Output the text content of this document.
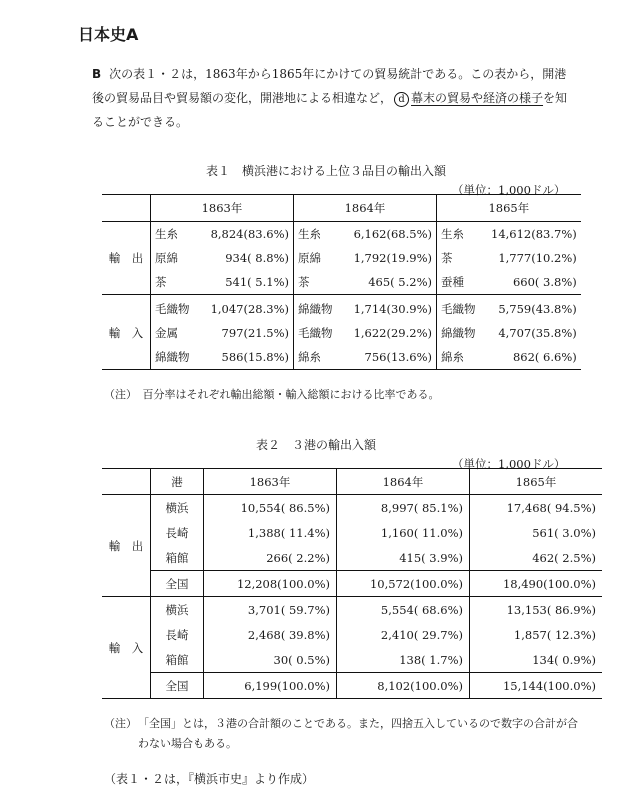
日本史A

B 次の表１・２は，1863年から1865年にかけての貿易統計である。この表から，開港後の貿易品目や貿易額の変化，開港地による相違など， d 幕末の貿易や経済の様子を知ることができる。

表１　横浜港における上位３品目の輸出入額

（単位：1,000ドル）

	1863年		1864年		1865年	
輸　出	生糸	8,824(83.6%)	生糸	6,162(68.5%)	生糸	14,612(83.7%)
	原綿	934( 8.8%)	原綿	1,792(19.9%)	茶	1,777(10.2%)
	茶	541( 5.1%)	茶	465( 5.2%)	蚕種	660( 3.8%)
輸　入	毛織物	1,047(28.3%)	綿織物	1,714(30.9%)	毛織物	5,759(43.8%)
	金属	797(21.5%)	毛織物	1,622(29.2%)	綿織物	4,707(35.8%)
	綿織物	586(15.8%)	綿糸	756(13.6%)	綿糸	862( 6.6%)

（注）　百分率はそれぞれ輸出総額・輸入総額における比率である。

表２　３港の輸出入額

（単位：1,000ドル）

	港	1863年	1864年	1865年
輸　出	横浜	10,554( 86.5%)	8,997( 85.1%)	17,468( 94.5%)
	長崎	1,388( 11.4%)	1,160( 11.0%)	561( 3.0%)
	箱館	266( 2.2%)	415( 3.9%)	462( 2.5%)
	全国	12,208(100.0%)	10,572(100.0%)	18,490(100.0%)
輸　入	横浜	3,701( 59.7%)	5,554( 68.6%)	13,153( 86.9%)
	長崎	2,468( 39.8%)	2,410( 29.7%)	1,857( 12.3%)
	箱館	30( 0.5%)	138( 1.7%)	134( 0.9%)
	全国	6,199(100.0%)	8,102(100.0%)	15,144(100.0%)

（注）「全国」とは，３港の合計額のことである。また，四捨五入しているので数字の合計が合わない場合もある。

（表１・２は，『横浜市史』より作成）
